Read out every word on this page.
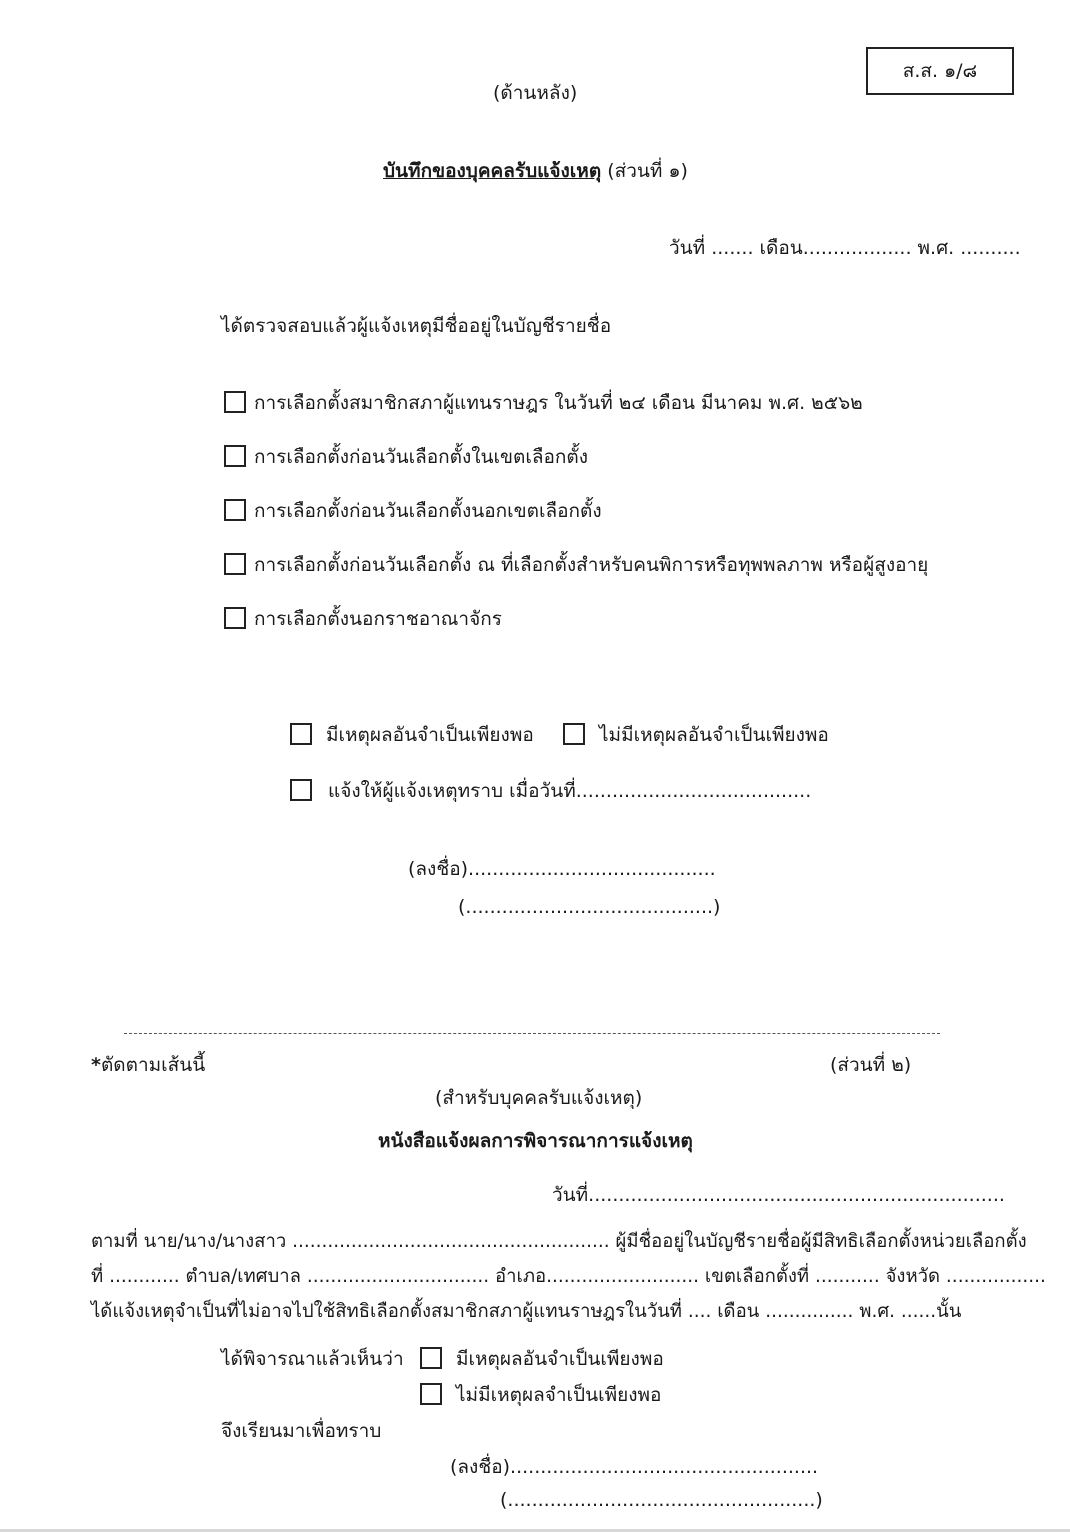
ส.ส. ๑/๘
(ด้านหลัง)
บันทึกของบุคคลรับแจ้งเหตุ (ส่วนที่ ๑)
วันที่ ....... เดือน.................. พ.ศ. ..........
ได้ตรวจสอบแล้วผู้แจ้งเหตุมีชื่ออยู่ในบัญชีรายชื่อ
การเลือกตั้งสมาชิกสภาผู้แทนราษฎร ในวันที่ ๒๔ เดือน มีนาคม พ.ศ. ๒๕๖๒
การเลือกตั้งก่อนวันเลือกตั้งในเขตเลือกตั้ง
การเลือกตั้งก่อนวันเลือกตั้งนอกเขตเลือกตั้ง
การเลือกตั้งก่อนวันเลือกตั้ง ณ ที่เลือกตั้งสำหรับคนพิการหรือทุพพลภาพ หรือผู้สูงอายุ
การเลือกตั้งนอกราชอาณาจักร
มีเหตุผลอันจำเป็นเพียงพอ	ไม่มีเหตุผลอันจำเป็นเพียงพอ
แจ้งให้ผู้แจ้งเหตุทราบ เมื่อวันที่.......................................
(ลงชื่อ).........................................
(.........................................)
*ตัดตามเส้นนี้	(ส่วนที่ ๒)
(สำหรับบุคคลรับแจ้งเหตุ)
หนังสือแจ้งผลการพิจารณาการแจ้งเหตุ
วันที่.....................................................................
ตามที่ นาย/นาง/นางสาว ...................................................... ผู้มีชื่ออยู่ในบัญชีรายชื่อผู้มีสิทธิเลือกตั้งหน่วยเลือกตั้ง
ที่ ............ ตำบล/เทศบาล ............................... อำเภอ.......................... เขตเลือกตั้งที่ ........... จังหวัด .................
ได้แจ้งเหตุจำเป็นที่ไม่อาจไปใช้สิทธิเลือกตั้งสมาชิกสภาผู้แทนราษฎรในวันที่ .... เดือน ............... พ.ศ. ......นั้น
ได้พิจารณาแล้วเห็นว่า	มีเหตุผลอันจำเป็นเพียงพอ
ไม่มีเหตุผลจำเป็นเพียงพอ
จึงเรียนมาเพื่อทราบ
(ลงชื่อ)...................................................
(...................................................)
